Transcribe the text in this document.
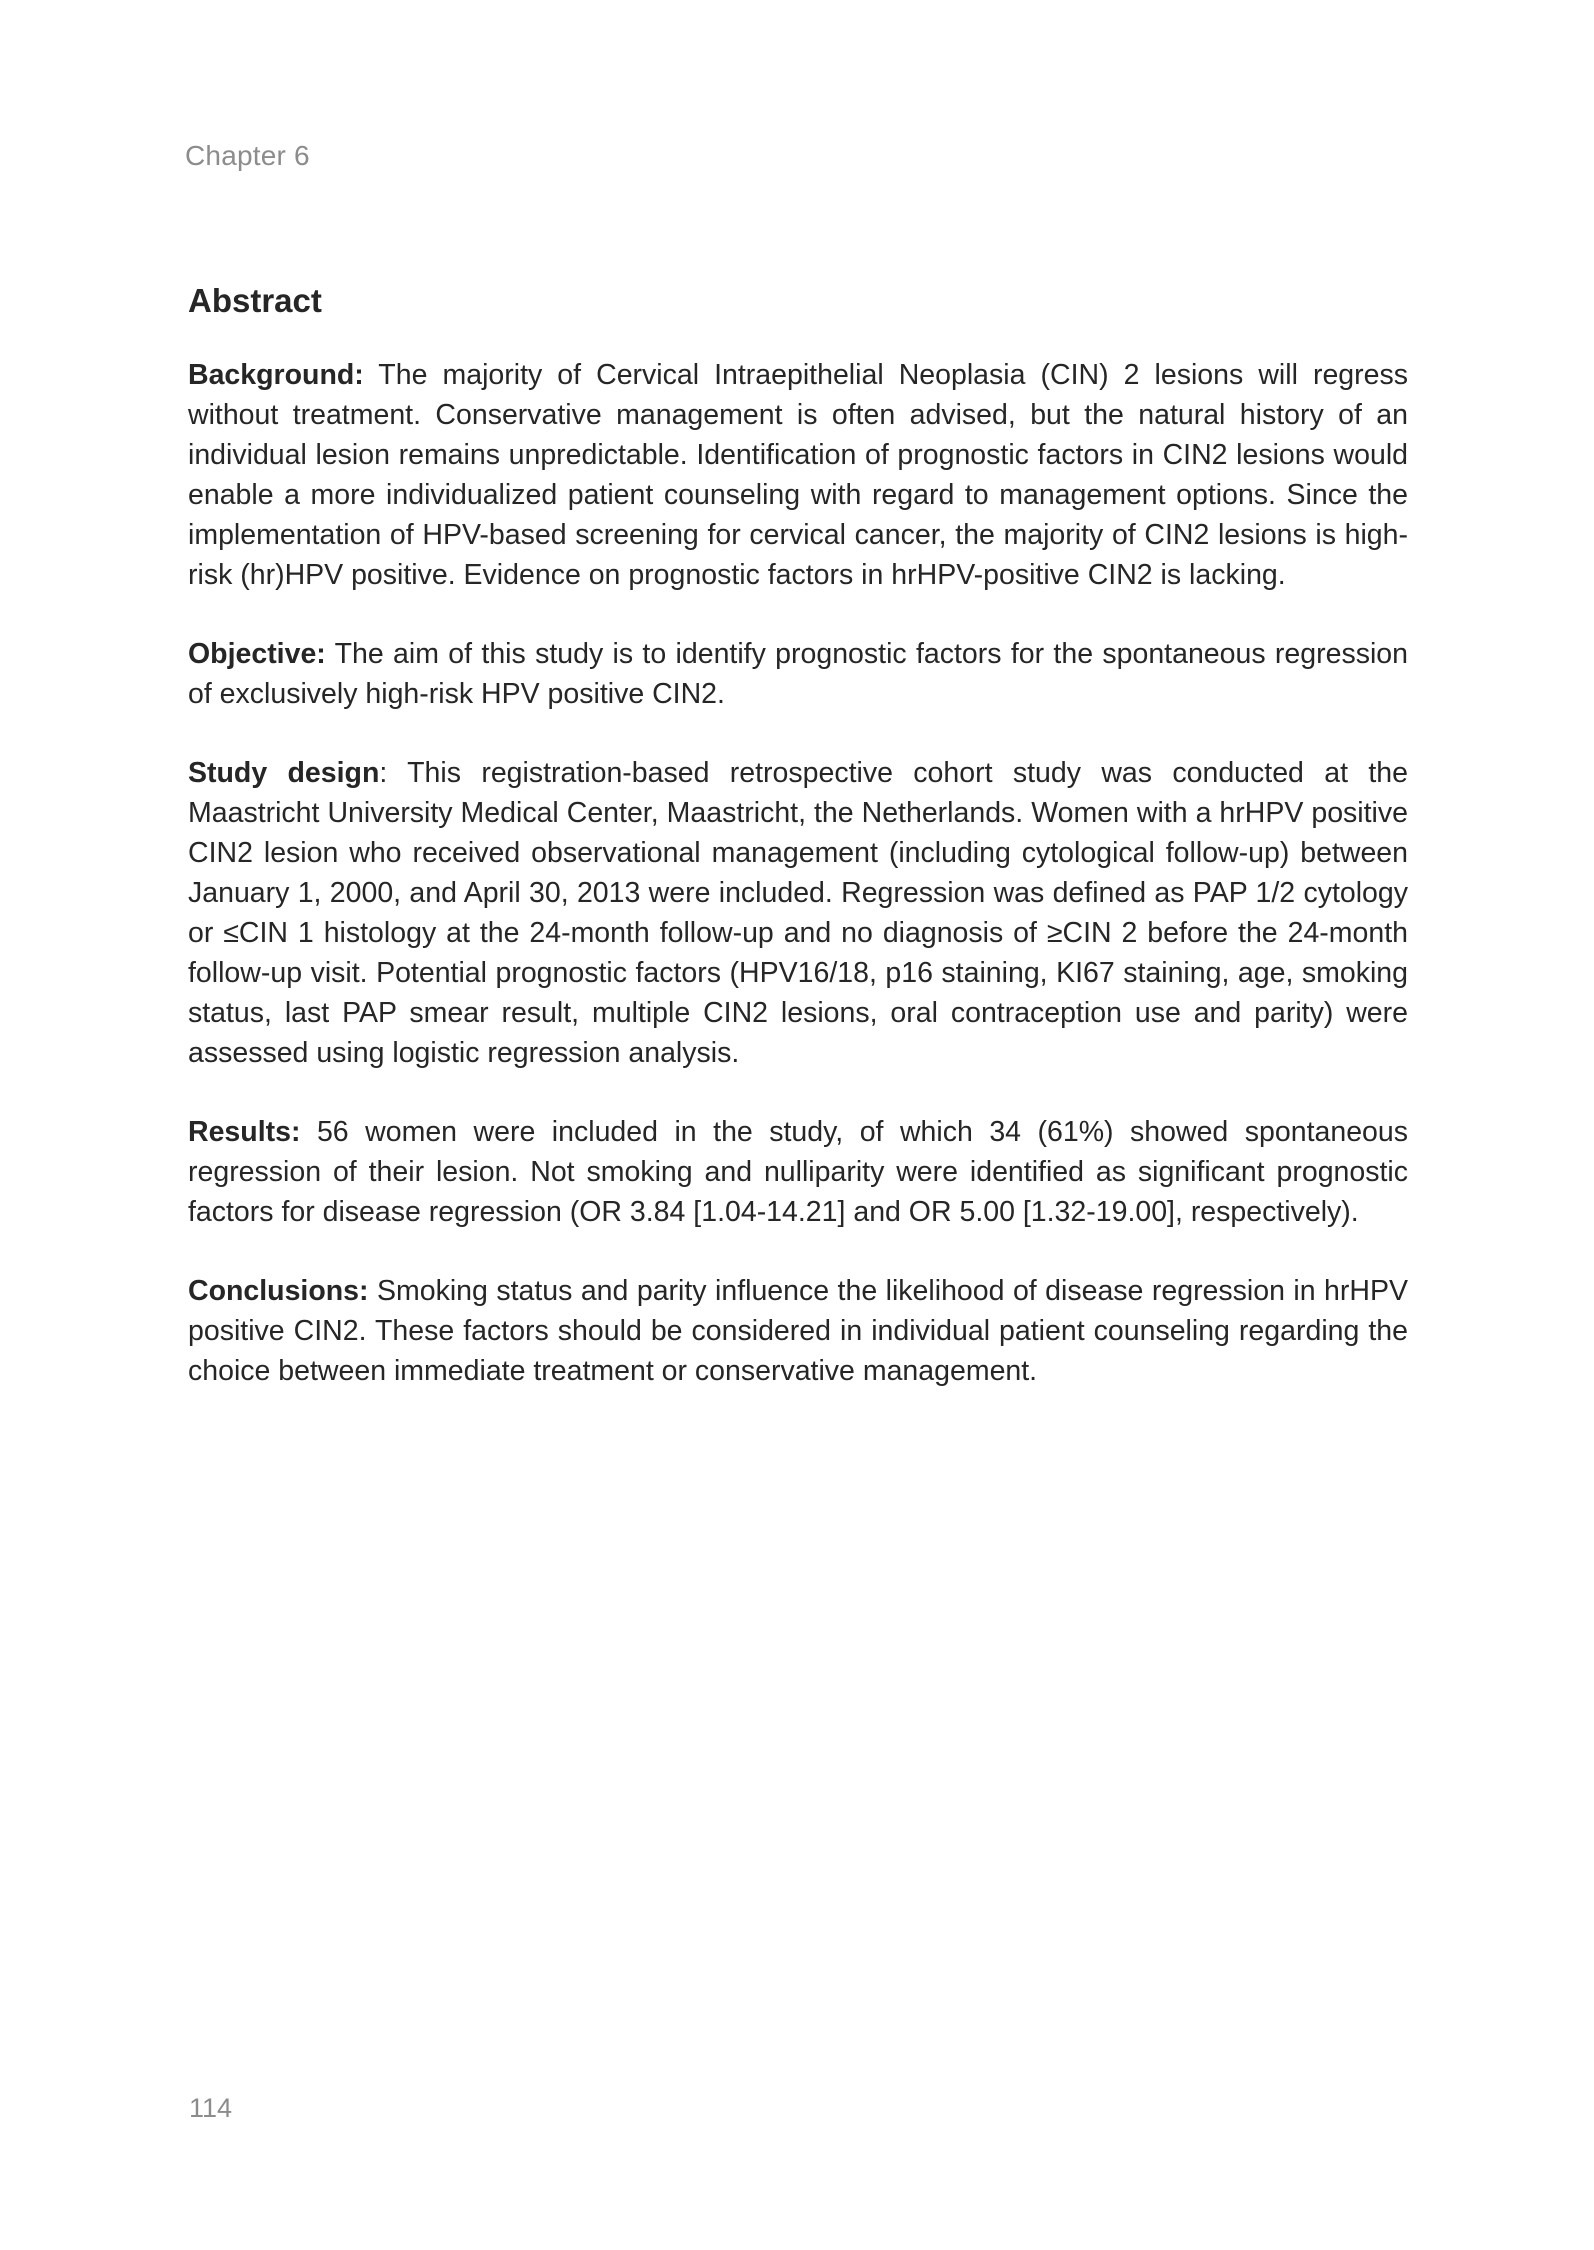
Chapter 6
Abstract

Background: The majority of Cervical Intraepithelial Neoplasia (CIN) 2 lesions will regress without treatment. Conservative management is often advised, but the natural history of an individual lesion remains unpredictable. Identification of prognostic factors in CIN2 lesions would enable a more individualized patient counseling with regard to management options. Since the implementation of HPV-based screening for cervical cancer, the majority of CIN2 lesions is high-risk (hr)HPV positive. Evidence on prognostic factors in hrHPV-positive CIN2 is lacking.

Objective: The aim of this study is to identify prognostic factors for the spontaneous regression of exclusively high-risk HPV positive CIN2.

Study design: This registration-based retrospective cohort study was conducted at the Maastricht University Medical Center, Maastricht, the Netherlands. Women with a hrHPV positive CIN2 lesion who received observational management (including cytological follow-up) between January 1, 2000, and April 30, 2013 were included. Regression was defined as PAP 1/2 cytology or ≤CIN 1 histology at the 24-month follow-up and no diagnosis of ≥CIN 2 before the 24-month follow-up visit. Potential prognostic factors (HPV16/18, p16 staining, KI67 staining, age, smoking status, last PAP smear result, multiple CIN2 lesions, oral contraception use and parity) were assessed using logistic regression analysis.

Results: 56 women were included in the study, of which 34 (61%) showed spontaneous regression of their lesion. Not smoking and nulliparity were identified as significant prognostic factors for disease regression (OR 3.84 [1.04-14.21] and OR 5.00 [1.32-19.00], respectively).

Conclusions: Smoking status and parity influence the likelihood of disease regression in hrHPV positive CIN2. These factors should be considered in individual patient counseling regarding the choice between immediate treatment or conservative management.

114
